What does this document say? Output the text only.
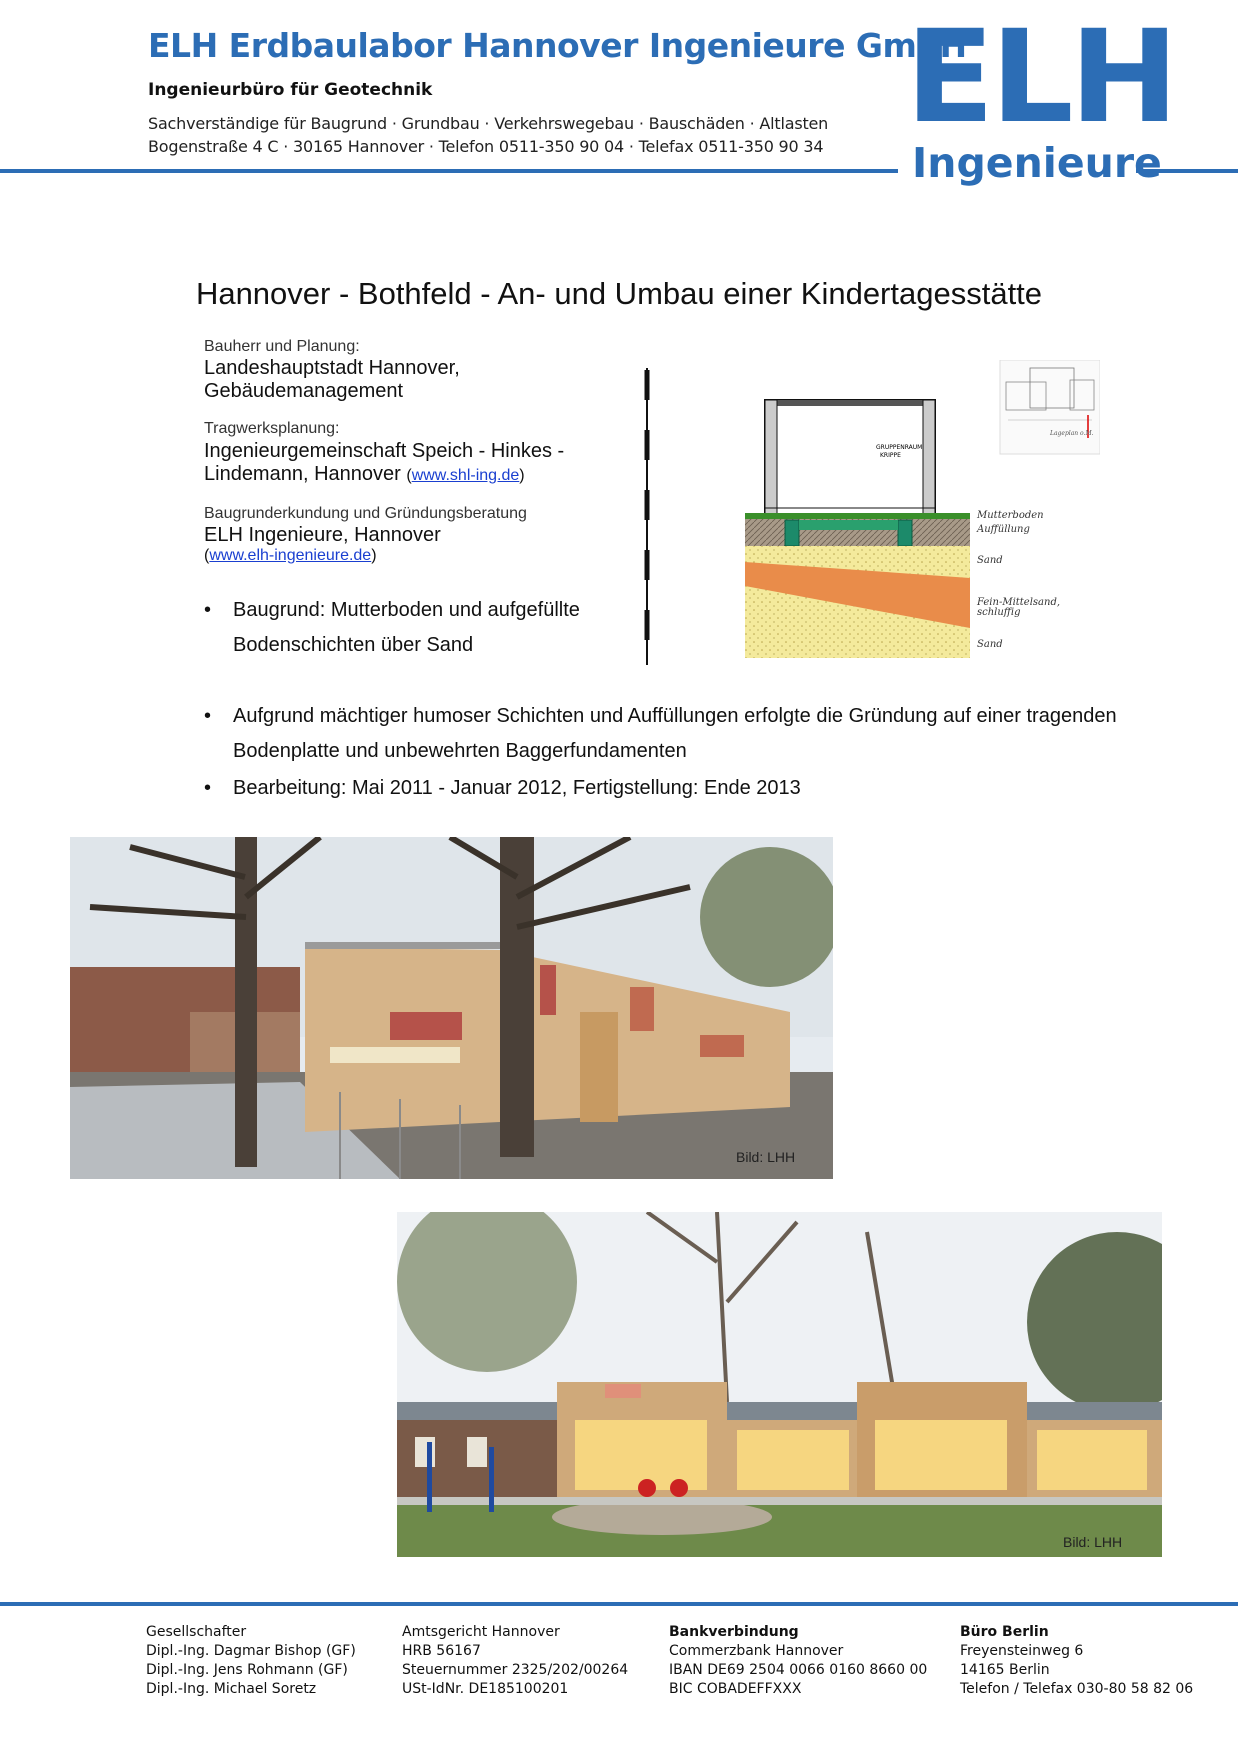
ELH Erdbaulabor Hannover Ingenieure GmbH
Ingenieurbüro für Geotechnik
Sachverständige für Baugrund · Grundbau · Verkehrswegebau · Bauschäden · Altlasten
Bogenstraße 4 C · 30165 Hannover · Telefon 0511-350 90 04 · Telefax 0511-350 90 34 ELH
Ingenieure
Hannover - Bothfeld - An- und Umbau einer Kindertagesstätte
Bauherr und Planung:
Landeshauptstadt Hannover,
Gebäudemanagement
Tragwerksplanung:
Ingenieurgemeinschaft Speich - Hinkes -
Lindemann, Hannover (www.shl-ing.de)
Baugrunderkundung und Gründungsberatung
ELH Ingenieure, Hannover
(www.elh-ingenieure.de)
• Baugrund: Mutterboden und aufgefüllte
Bodenschichten über Sand
GRUPPENRAUM
KRIPPE
Mutterboden
Auffüllung
Sand
Fein-Mittelsand,
schluffig
Sand
Lageplan o.M.
• Aufgrund mächtiger humoser Schichten und Auffüllungen erfolgte die Gründung auf einer tragenden
Bodenplatte und unbewehrten Baggerfundamenten
• Bearbeitung: Mai 2011 - Januar 2012, Fertigstellung: Ende 2013
Bild: LHH
Bild: LHH
Gesellschafter
Dipl.-Ing. Dagmar Bishop (GF)
Dipl.-Ing. Jens Rohmann (GF)
Dipl.-Ing. Michael Soretz
Amtsgericht Hannover
HRB 56167
Steuernummer 2325/202/00264
USt-IdNr. DE185100201
Bankverbindung
Commerzbank Hannover
IBAN DE69 2504 0066 0160 8660 00
BIC COBADEFFXXX
Büro Berlin
Freyensteinweg 6
14165 Berlin
Telefon / Telefax 030-80 58 82 06
